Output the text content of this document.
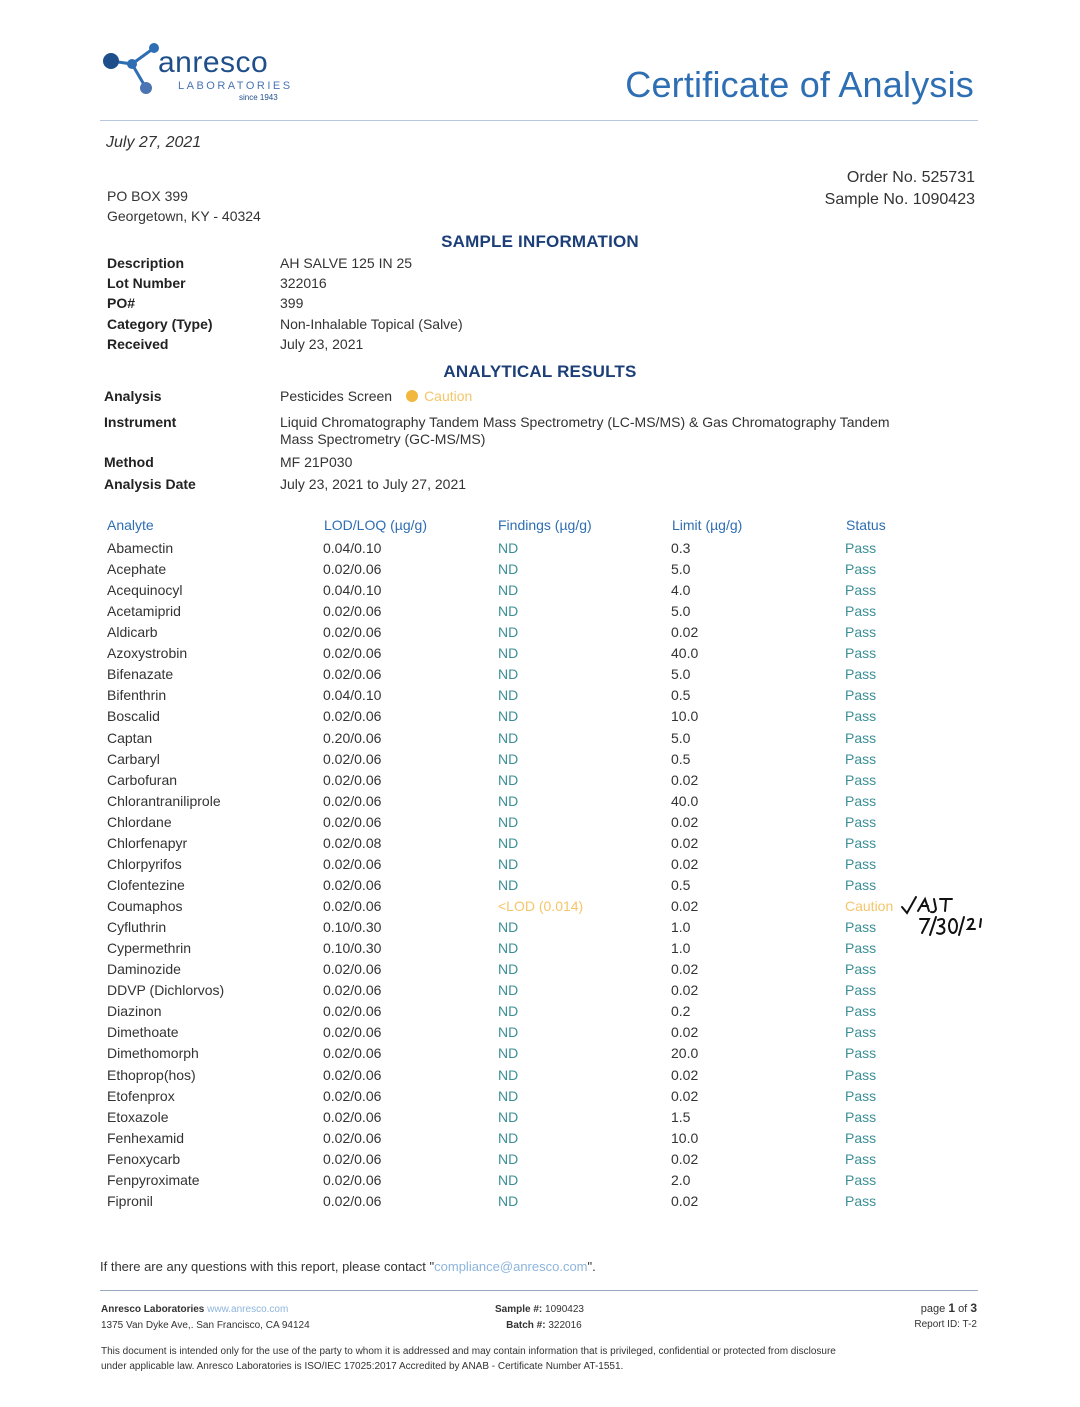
anresco
LABORATORIES
since 1943	Certificate of Analysis
July 27, 2021
PO BOX 399
Georgetown, KY - 40324
Order No. 525731
Sample No. 1090423
SAMPLE INFORMATION
Description	AH SALVE 125 IN 25
Lot Number	322016
PO#	399
Category (Type)	Non-Inhalable Topical (Salve)
Received	July 23, 2021
ANALYTICAL RESULTS
Analysis	Pesticides Screen Caution
Instrument	Liquid Chromatography Tandem Mass Spectrometry (LC-MS/MS) & Gas Chromatography Tandem
Mass Spectrometry (GC-MS/MS)
Method	MF 21P030
Analysis Date	July 23, 2021 to July 27, 2021
Analyte	LOD/LOQ (µg/g)	Findings (µg/g)	Limit (µg/g)	Status
Abamectin	0.04/0.10	ND	0.3	Pass
Acephate	0.02/0.06	ND	5.0	Pass
Acequinocyl	0.04/0.10	ND	4.0	Pass
Acetamiprid	0.02/0.06	ND	5.0	Pass
Aldicarb	0.02/0.06	ND	0.02	Pass
Azoxystrobin	0.02/0.06	ND	40.0	Pass
Bifenazate	0.02/0.06	ND	5.0	Pass
Bifenthrin	0.04/0.10	ND	0.5	Pass
Boscalid	0.02/0.06	ND	10.0	Pass
Captan	0.20/0.06	ND	5.0	Pass
Carbaryl	0.02/0.06	ND	0.5	Pass
Carbofuran	0.02/0.06	ND	0.02	Pass
Chlorantraniliprole	0.02/0.06	ND	40.0	Pass
Chlordane	0.02/0.06	ND	0.02	Pass
Chlorfenapyr	0.02/0.08	ND	0.02	Pass
Chlorpyrifos	0.02/0.06	ND	0.02	Pass
Clofentezine	0.02/0.06	ND	0.5	Pass
Coumaphos	0.02/0.06	<LOD (0.014)	0.02	Caution
Cyfluthrin	0.10/0.30	ND	1.0	Pass
Cypermethrin	0.10/0.30	ND	1.0	Pass
Daminozide	0.02/0.06	ND	0.02	Pass
DDVP (Dichlorvos)	0.02/0.06	ND	0.02	Pass
Diazinon	0.02/0.06	ND	0.2	Pass
Dimethoate	0.02/0.06	ND	0.02	Pass
Dimethomorph	0.02/0.06	ND	20.0	Pass
Ethoprop(hos)	0.02/0.06	ND	0.02	Pass
Etofenprox	0.02/0.06	ND	0.02	Pass
Etoxazole	0.02/0.06	ND	1.5	Pass
Fenhexamid	0.02/0.06	ND	10.0	Pass
Fenoxycarb	0.02/0.06	ND	0.02	Pass
Fenpyroximate	0.02/0.06	ND	2.0	Pass
Fipronil	0.02/0.06	ND	0.02	Pass
If there are any questions with this report, please contact "compliance@anresco.com".
Anresco Laboratories www.anresco.com
1375 Van Dyke Ave,. San Francisco, CA 94124
Sample #: 1090423
Batch #: 322016
page 1 of 3
Report ID: T-2
This document is intended only for the use of the party to whom it is addressed and may contain information that is privileged, confidential or protected from disclosure
under applicable law. Anresco Laboratories is ISO/IEC 17025:2017 Accredited by ANAB - Certificate Number AT-1551.
